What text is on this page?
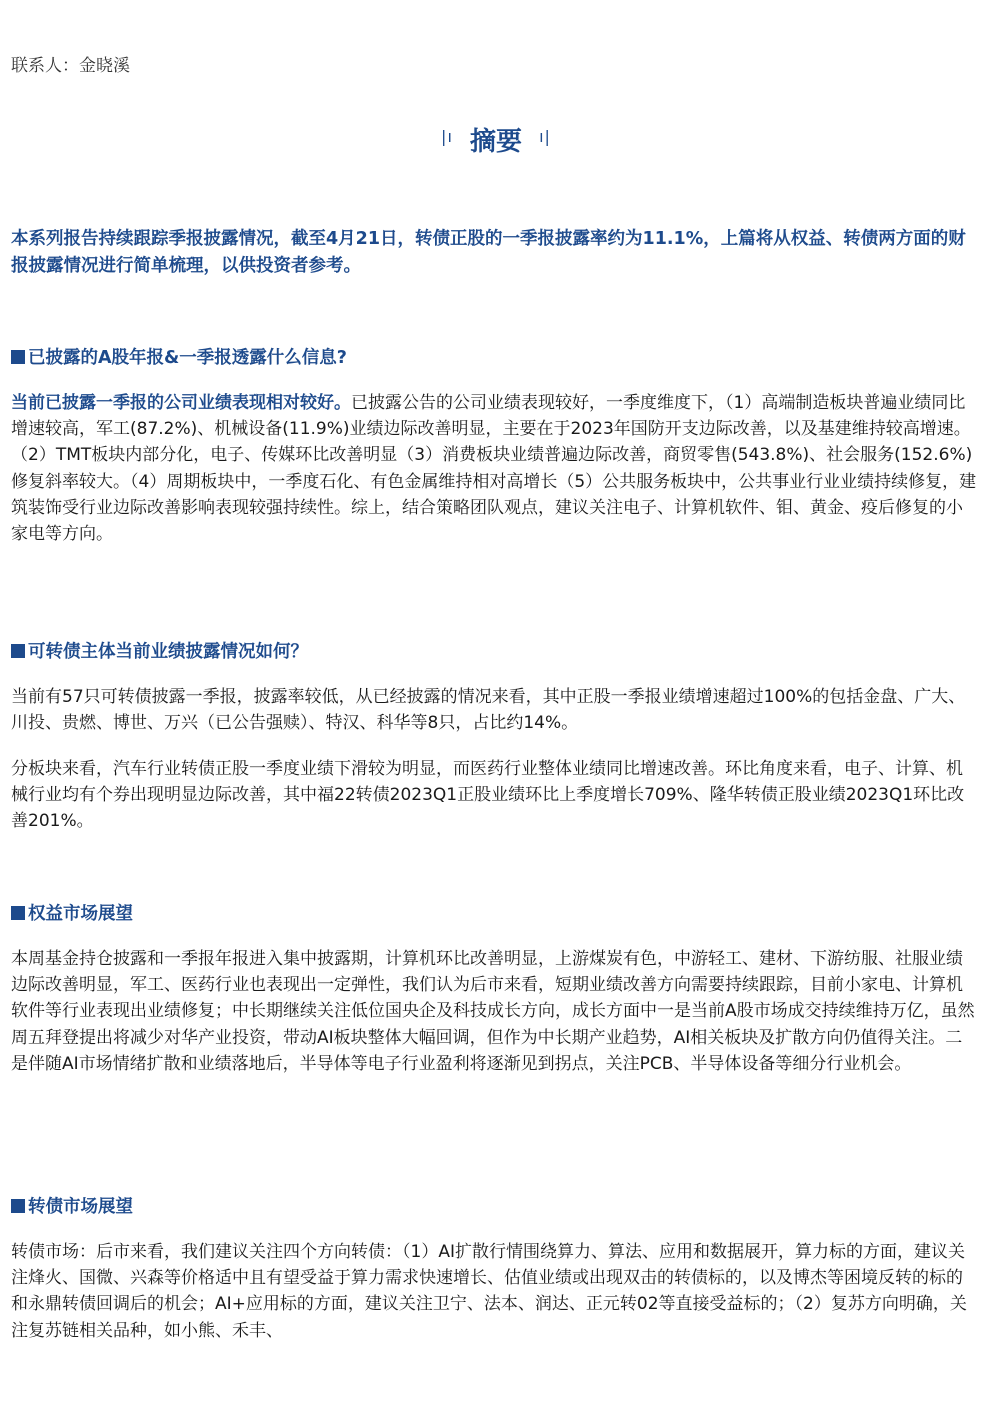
联系人：金晓溪
|ı 摘要 ı|

本系列报告持续跟踪季报披露情况，截至4月21日，转债正股的一季报披露率约为11.1%，上篇将从权益、转债两方面的财报披露情况进行简单梳理，以供投资者参考。

已披露的A股年报&一季报透露什么信息?

当前已披露一季报的公司业绩表现相对较好。已披露公告的公司业绩表现较好，一季度维度下，（1）高端制造板块普遍业绩同比增速较高，军工(87.2%)、机械设备(11.9%)业绩边际改善明显，主要在于2023年国防开支边际改善，以及基建维持较高增速。（2）TMT板块内部分化，电子、传媒环比改善明显（3）消费板块业绩普遍边际改善，商贸零售(543.8%)、社会服务(152.6%)修复斜率较大。（4）周期板块中，一季度石化、有色金属维持相对高增长（5）公共服务板块中，公共事业行业业绩持续修复，建筑装饰受行业边际改善影响表现较强持续性。综上，结合策略团队观点，建议关注电子、计算机软件、钼、黄金、疫后修复的小家电等方向。

可转债主体当前业绩披露情况如何？

当前有57只可转债披露一季报，披露率较低，从已经披露的情况来看，其中正股一季报业绩增速超过100%的包括金盘、广大、川投、贵燃、博世、万兴（已公告强赎）、特汉、科华等8只，占比约14%。

分板块来看，汽车行业转债正股一季度业绩下滑较为明显，而医药行业整体业绩同比增速改善。环比角度来看，电子、计算、机械行业均有个券出现明显边际改善，其中福22转债2023Q1正股业绩环比上季度增长709%、隆华转债正股业绩2023Q1环比改善201%。

权益市场展望

本周基金持仓披露和一季报年报进入集中披露期，计算机环比改善明显，上游煤炭有色，中游轻工、建材、下游纺服、社服业绩边际改善明显，军工、医药行业也表现出一定弹性，我们认为后市来看，短期业绩改善方向需要持续跟踪，目前小家电、计算机软件等行业表现出业绩修复；中长期继续关注低位国央企及科技成长方向，成长方面中一是当前A股市场成交持续维持万亿，虽然周五拜登提出将减少对华产业投资，带动AI板块整体大幅回调，但作为中长期产业趋势，AI相关板块及扩散方向仍值得关注。二是伴随AI市场情绪扩散和业绩落地后，半导体等电子行业盈利将逐渐见到拐点，关注PCB、半导体设备等细分行业机会。

转债市场展望

转债市场：后市来看，我们建议关注四个方向转债：（1）AI扩散行情围绕算力、算法、应用和数据展开，算力标的方面，建议关注烽火、国微、兴森等价格适中且有望受益于算力需求快速增长、估值业绩或出现双击的转债标的，以及博杰等困境反转的标的和永鼎转债回调后的机会；AI+应用标的方面，建议关注卫宁、法本、润达、正元转02等直接受益标的；（2）复苏方向明确，关注复苏链相关品种，如小熊、禾丰、
